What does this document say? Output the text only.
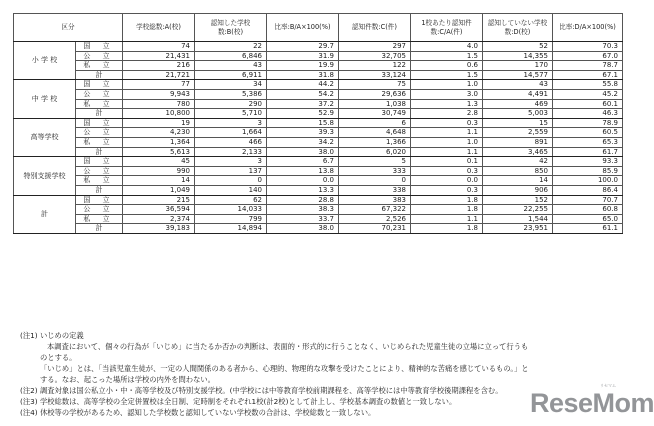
区分		学校総数:A(校)	認知した学校数:B(校)	比率:B/A×100(%)	認知件数:C(件)	1校あたり認知件数:C/A(件)	認知していない学校数:D(校)	比率:D/A×100(%)
小 学 校	国 立	74	22	29.7	297	4.0	52	70.3
	公 立	21,431	6,846	31.9	32,705	1.5	14,355	67.0
	私 立	216	43	19.9	122	0.6	170	78.7
	計	21,721	6,911	31.8	33,124	1.5	14,577	67.1
中 学 校	国 立	77	34	44.2	75	1.0	43	55.8
	公 立	9,943	5,386	54.2	29,636	3.0	4,491	45.2
	私 立	780	290	37.2	1,038	1.3	469	60.1
	計	10,800	5,710	52.9	30,749	2.8	5,003	46.3
高等学校	国 立	19	3	15.8	6	0.3	15	78.9
	公 立	4,230	1,664	39.3	4,648	1.1	2,559	60.5
	私 立	1,364	466	34.2	1,366	1.0	891	65.3
	計	5,613	2,133	38.0	6,020	1.1	3,465	61.7
特別支援学校	国 立	45	3	6.7	5	0.1	42	93.3
	公 立	990	137	13.8	333	0.3	850	85.9
	私 立	14	0	0.0	0	0.0	14	100.0
	計	1,049	140	13.3	338	0.3	906	86.4
計	国 立	215	62	28.8	383	1.8	152	70.7
	公 立	36,594	14,033	38.3	67,322	1.8	22,255	60.8
	私 立	2,374	799	33.7	2,526	1.1	1,544	65.0
	計	39,183	14,894	38.0	70,231	1.8	23,951	61.1
(注1) いじめの定義
本調査において、個々の行為が「いじめ」に当たるか否かの判断は、表面的・形式的に行うことなく、いじめられた児童生徒の立場に立って行うも
のとする。
「いじめ」とは、「当該児童生徒が、一定の人間関係のある者から、心理的、物理的な攻撃を受けたことにより、精神的な苦痛を感じているもの。」と
する。なお、起こった場所は学校の内外を問わない。
(注2) 調査対象は国公私立小・中・高等学校及び特別支援学校。(中学校には中等教育学校前期課程を、高等学校には中等教育学校後期課程を含む。
(注3) 学校総数は、高等学校の全定併置校は全日制、定時制をそれぞれ1校(計2校)として計上し、学校基本調査の数値と一致しない。
(注4) 休校等の学校があるため、認知した学校数と認知していない学校数の合計は、学校総数と一致しない。	ReseMom
リセマム
